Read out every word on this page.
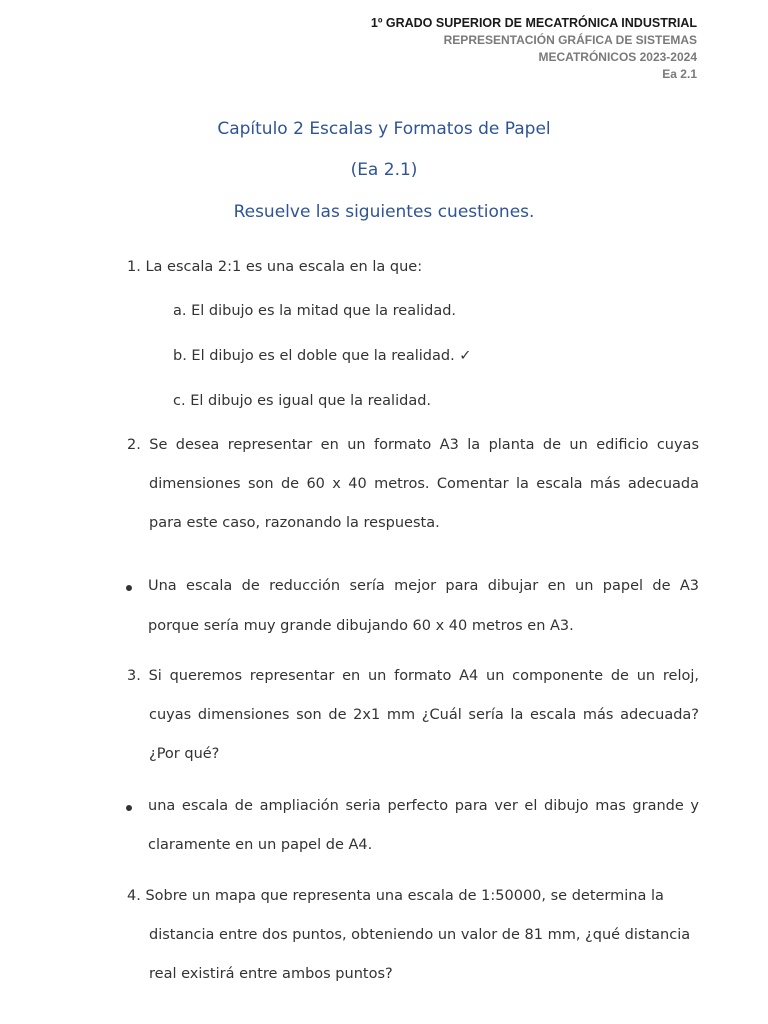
1º GRADO SUPERIOR DE MECATRÓNICA INDUSTRIAL
REPRESENTACIÓN GRÁFICA DE SISTEMAS
MECATRÓNICOS 2023-2024
Ea 2.1
Capítulo 2 Escalas y Formatos de Papel
(Ea 2.1)
Resuelve las siguientes cuestiones.
1. La escala 2:1 es una escala en la que:
a. El dibujo es la mitad que la realidad.
b. El dibujo es el doble que la realidad. ✓
c. El dibujo es igual que la realidad.
2. Se desea representar en un formato A3 la planta de un edificio cuyas
dimensiones son de 60 x 40 metros. Comentar la escala más adecuada
para este caso, razonando la respuesta.
Una escala de reducción sería mejor para dibujar en un papel de A3
porque sería muy grande dibujando 60 x 40 metros en A3.
3. Si queremos representar en un formato A4 un componente de un reloj,
cuyas dimensiones son de 2x1 mm ¿Cuál sería la escala más adecuada?
¿Por qué?
una escala de ampliación seria perfecto para ver el dibujo mas grande y
claramente en un papel de A4.
4. Sobre un mapa que representa una escala de 1:50000, se determina la
distancia entre dos puntos, obteniendo un valor de 81 mm, ¿qué distancia
real existirá entre ambos puntos?
